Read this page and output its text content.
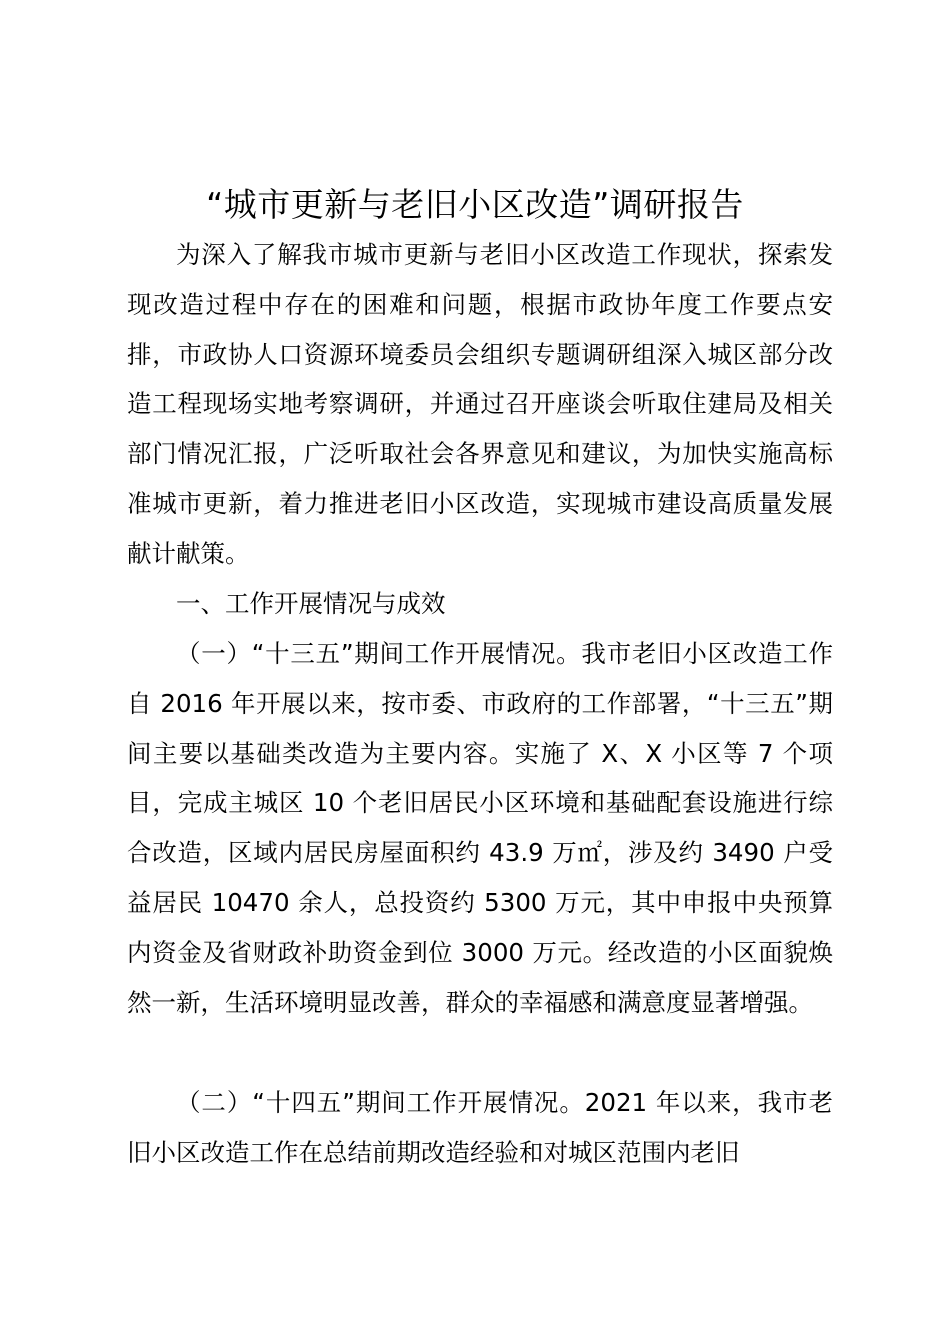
“城市更新与老旧小区改造”调研报告

为深入了解我市城市更新与老旧小区改造工作现状，探索发现改造过程中存在的困难和问题，根据市政协年度工作要点安排，市政协人口资源环境委员会组织专题调研组深入城区部分改造工程现场实地考察调研，并通过召开座谈会听取住建局及相关部门情况汇报，广泛听取社会各界意见和建议，为加快实施高标准城市更新，着力推进老旧小区改造，实现城市建设高质量发展献计献策。

一、工作开展情况与成效

（一）“十三五”期间工作开展情况。我市老旧小区改造工作自 2016 年开展以来，按市委、市政府的工作部署，“十三五”期间主要以基础类改造为主要内容。实施了 X、X 小区等 7 个项目，完成主城区 10 个老旧居民小区环境和基础配套设施进行综合改造，区域内居民房屋面积约 43.9 万㎡，涉及约 3490 户受益居民 10470 余人，总投资约 5300 万元，其中申报中央预算内资金及省财政补助资金到位 3000 万元。经改造的小区面貌焕然一新，生活环境明显改善，群众的幸福感和满意度显著增强。

（二）“十四五”期间工作开展情况。2021 年以来，我市老旧小区改造工作在总结前期改造经验和对城区范围内老旧
